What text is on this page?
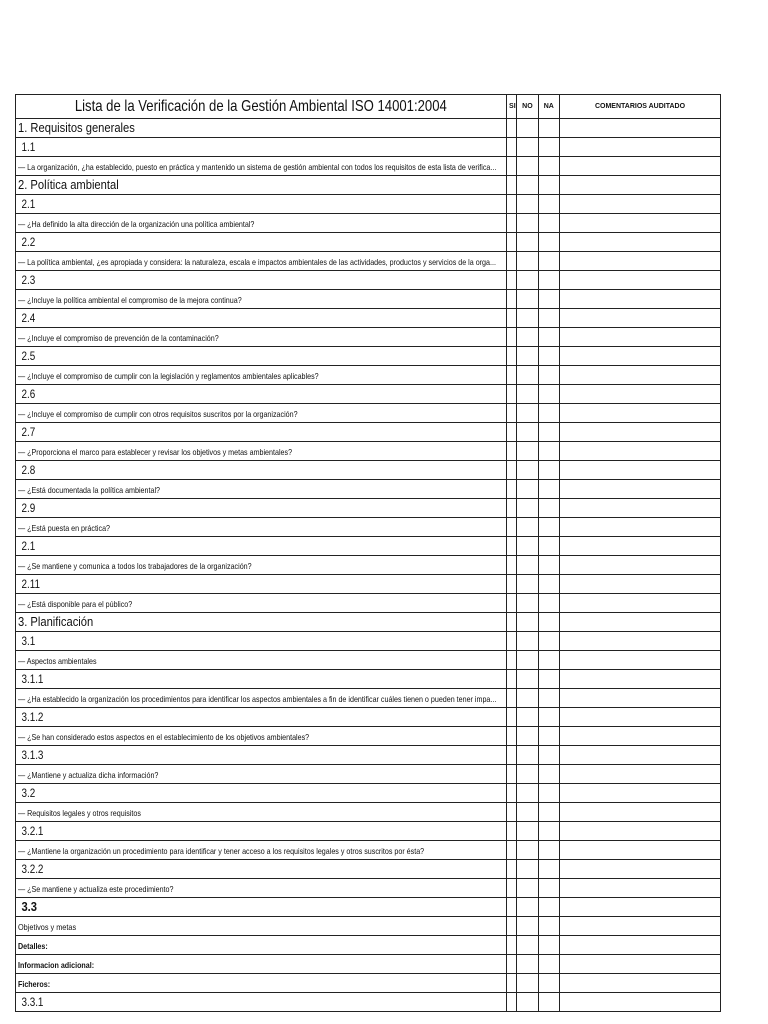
Lista de la Verificación de la Gestión Ambiental ISO 14001:2004	SI	NO	NA	COMENTARIOS AUDITADO
1. Requisitos generales				
1.1				
— La organización, ¿ha establecido, puesto en práctica y mantenido un sistema de gestión ambiental con todos los requisitos de esta lista de verifica...				
2. Política ambiental				
2.1				
— ¿Ha definido la alta dirección de la organización una política ambiental?				
2.2				
— La política ambiental, ¿es apropiada y considera: la naturaleza, escala e impactos ambientales de las actividades, productos y servicios de la orga...				
2.3				
— ¿Incluye la política ambiental el compromiso de la mejora continua?				
2.4				
— ¿Incluye el compromiso de prevención de la contaminación?				
2.5				
— ¿Incluye el compromiso de cumplir con la legislación y reglamentos ambientales aplicables?				
2.6				
— ¿Incluye el compromiso de cumplir con otros requisitos suscritos por la organización?				
2.7				
— ¿Proporciona el marco para establecer y revisar los objetivos y metas ambientales?				
2.8				
— ¿Está documentada la política ambiental?				
2.9				
— ¿Está puesta en práctica?				
2.1				
— ¿Se mantiene y comunica a todos los trabajadores de la organización?				
2.11				
— ¿Está disponible para el público?				
3. Planificación				
3.1				
— Aspectos ambientales				
3.1.1				
— ¿Ha establecido la organización los procedimientos para identificar los aspectos ambientales a fin de identificar cuáles tienen o pueden tener impa...				
3.1.2				
— ¿Se han considerado estos aspectos en el establecimiento de los objetivos ambientales?				
3.1.3				
— ¿Mantiene y actualiza dicha información?				
3.2				
— Requisitos legales y otros requisitos				
3.2.1				
— ¿Mantiene la organización un procedimiento para identificar y tener acceso a los requisitos legales y otros suscritos por ésta?				
3.2.2				
— ¿Se mantiene y actualiza este procedimiento?				
3.3				
Objetivos y metas				
Detalles:				
Informacion adicional:				
Ficheros:				
3.3.1				
